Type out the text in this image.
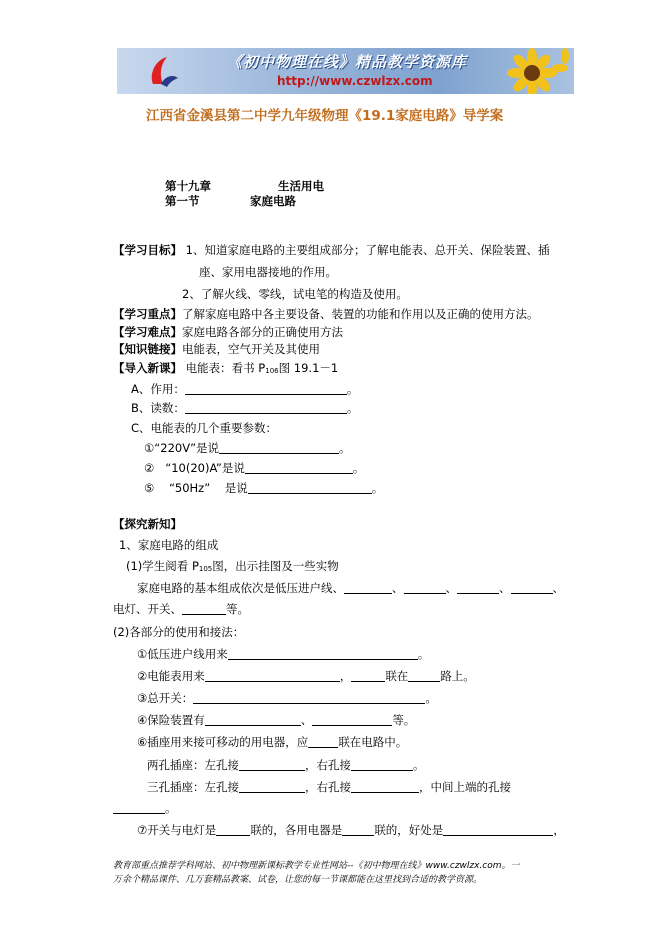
《初中物理在线》精品教学资源库
http://www.czwlzx.com
江西省金溪县第二中学九年级物理《19.1家庭电路》导学案
第十九章	生活用电
第一节	家庭电路
【学习目标】 1、知道家庭电路的主要组成部分；了解电能表、总开关、保险装置、插
座、家用电器接地的作用。
2、了解火线、零线，试电笔的构造及使用。
【学习重点】了解家庭电路中各主要设备、装置的功能和作用以及正确的使用方法。
【学习难点】家庭电路各部分的正确使用方法
【知识链接】电能表，空气开关及其使用
【导入新课】 电能表：看书 $P_{106}$图 19.1－1
A、作用：	。
B、读数：	。
C、电能表的几个重要参数：
①“220V”是说	。
② “10(20)A”是说	。
⑤ “50Hz” 是说	。
【探究新知】
1、家庭电路的组成
(1)学生阅看 $P_{105}$图，出示挂图及一些实物
家庭电路的基本组成依次是低压进户线、	、	、	、	、
电灯、开关、	等。
(2)各部分的使用和接法：
①低压进户线用来	。
②电能表用来	，	联在	路上。
③总开关：	。
④保险装置有	、	等。
⑥插座用来接可移动的用电器，应	联在电路中。
两孔插座：左孔接	，右孔接	。
三孔插座：左孔接	，右孔接	，中间上端的孔接
。
⑦开关与电灯是	联的，各用电器是	联的，好处是	，
教育部重点推荐学科网站、初中物理新课标教学专业性网站--《初中物理在线》www.czwlzx.com。一
万余个精品课件、几万套精品教案、试卷，让您的每一节课都能在这里找到合适的教学资源。
